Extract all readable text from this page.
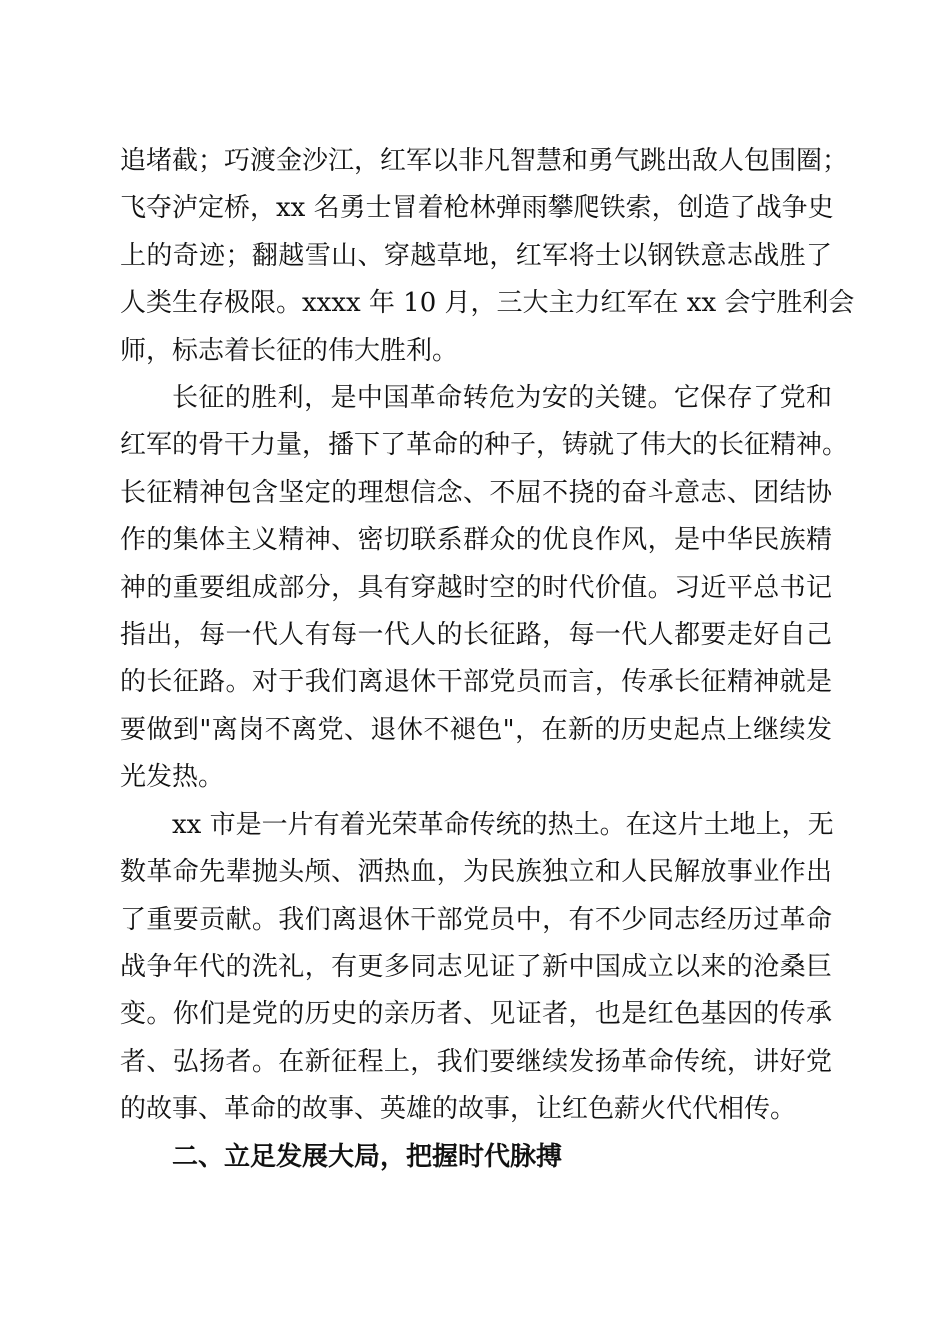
追堵截；巧渡金沙江，红军以非凡智慧和勇气跳出敌人包围圈；
飞夺泸定桥，xx 名勇士冒着枪林弹雨攀爬铁索，创造了战争史
上的奇迹；翻越雪山、穿越草地，红军将士以钢铁意志战胜了
人类生存极限。xxxx 年 10 月，三大主力红军在 xx 会宁胜利会
师，标志着长征的伟大胜利。
长征的胜利，是中国革命转危为安的关键。它保存了党和
红军的骨干力量，播下了革命的种子，铸就了伟大的长征精神。
长征精神包含坚定的理想信念、不屈不挠的奋斗意志、团结协
作的集体主义精神、密切联系群众的优良作风，是中华民族精
神的重要组成部分，具有穿越时空的时代价值。习近平总书记
指出，每一代人有每一代人的长征路，每一代人都要走好自己
的长征路。对于我们离退休干部党员而言，传承长征精神就是
要做到"离岗不离党、退休不褪色"，在新的历史起点上继续发
光发热。
xx 市是一片有着光荣革命传统的热土。在这片土地上，无
数革命先辈抛头颅、洒热血，为民族独立和人民解放事业作出
了重要贡献。我们离退休干部党员中，有不少同志经历过革命
战争年代的洗礼，有更多同志见证了新中国成立以来的沧桑巨
变。你们是党的历史的亲历者、见证者，也是红色基因的传承
者、弘扬者。在新征程上，我们要继续发扬革命传统，讲好党
的故事、革命的故事、英雄的故事，让红色薪火代代相传。
二、立足发展大局，把握时代脉搏
